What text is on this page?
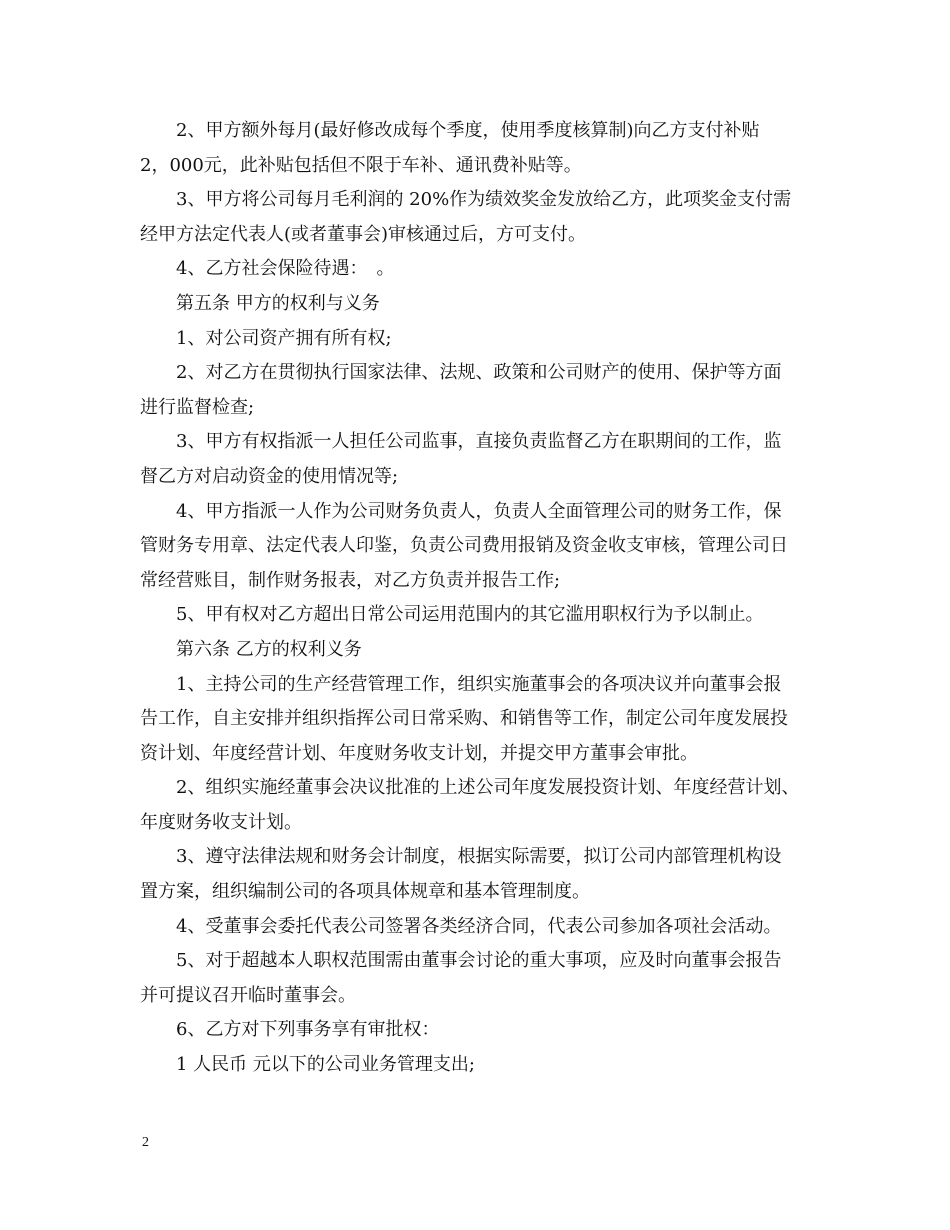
2、甲方额外每月(最好修改成每个季度，使用季度核算制)向乙方支付补贴
2，000元，此补贴包括但不限于车补、通讯费补贴等。
3、甲方将公司每月毛利润的 20%作为绩效奖金发放给乙方，此项奖金支付需
经甲方法定代表人(或者董事会)审核通过后，方可支付。
4、乙方社会保险待遇：　。
第五条 甲方的权利与义务
1、对公司资产拥有所有权;
2、对乙方在贯彻执行国家法律、法规、政策和公司财产的使用、保护等方面
进行监督检查;
3、甲方有权指派一人担任公司监事，直接负责监督乙方在职期间的工作，监
督乙方对启动资金的使用情况等;
4、甲方指派一人作为公司财务负责人，负责人全面管理公司的财务工作，保
管财务专用章、法定代表人印鉴，负责公司费用报销及资金收支审核，管理公司日
常经营账目，制作财务报表，对乙方负责并报告工作;
5、甲有权对乙方超出日常公司运用范围内的其它滥用职权行为予以制止。
第六条 乙方的权利义务
1、主持公司的生产经营管理工作，组织实施董事会的各项决议并向董事会报
告工作，自主安排并组织指挥公司日常采购、和销售等工作，制定公司年度发展投
资计划、年度经营计划、年度财务收支计划，并提交甲方董事会审批。
2、组织实施经董事会决议批准的上述公司年度发展投资计划、年度经营计划、
年度财务收支计划。
3、遵守法律法规和财务会计制度，根据实际需要，拟订公司内部管理机构设
置方案，组织编制公司的各项具体规章和基本管理制度。
4、受董事会委托代表公司签署各类经济合同，代表公司参加各项社会活动。
5、对于超越本人职权范围需由董事会讨论的重大事项，应及时向董事会报告
并可提议召开临时董事会。
6、乙方对下列事务享有审批权：
1 人民币 元以下的公司业务管理支出;
2
